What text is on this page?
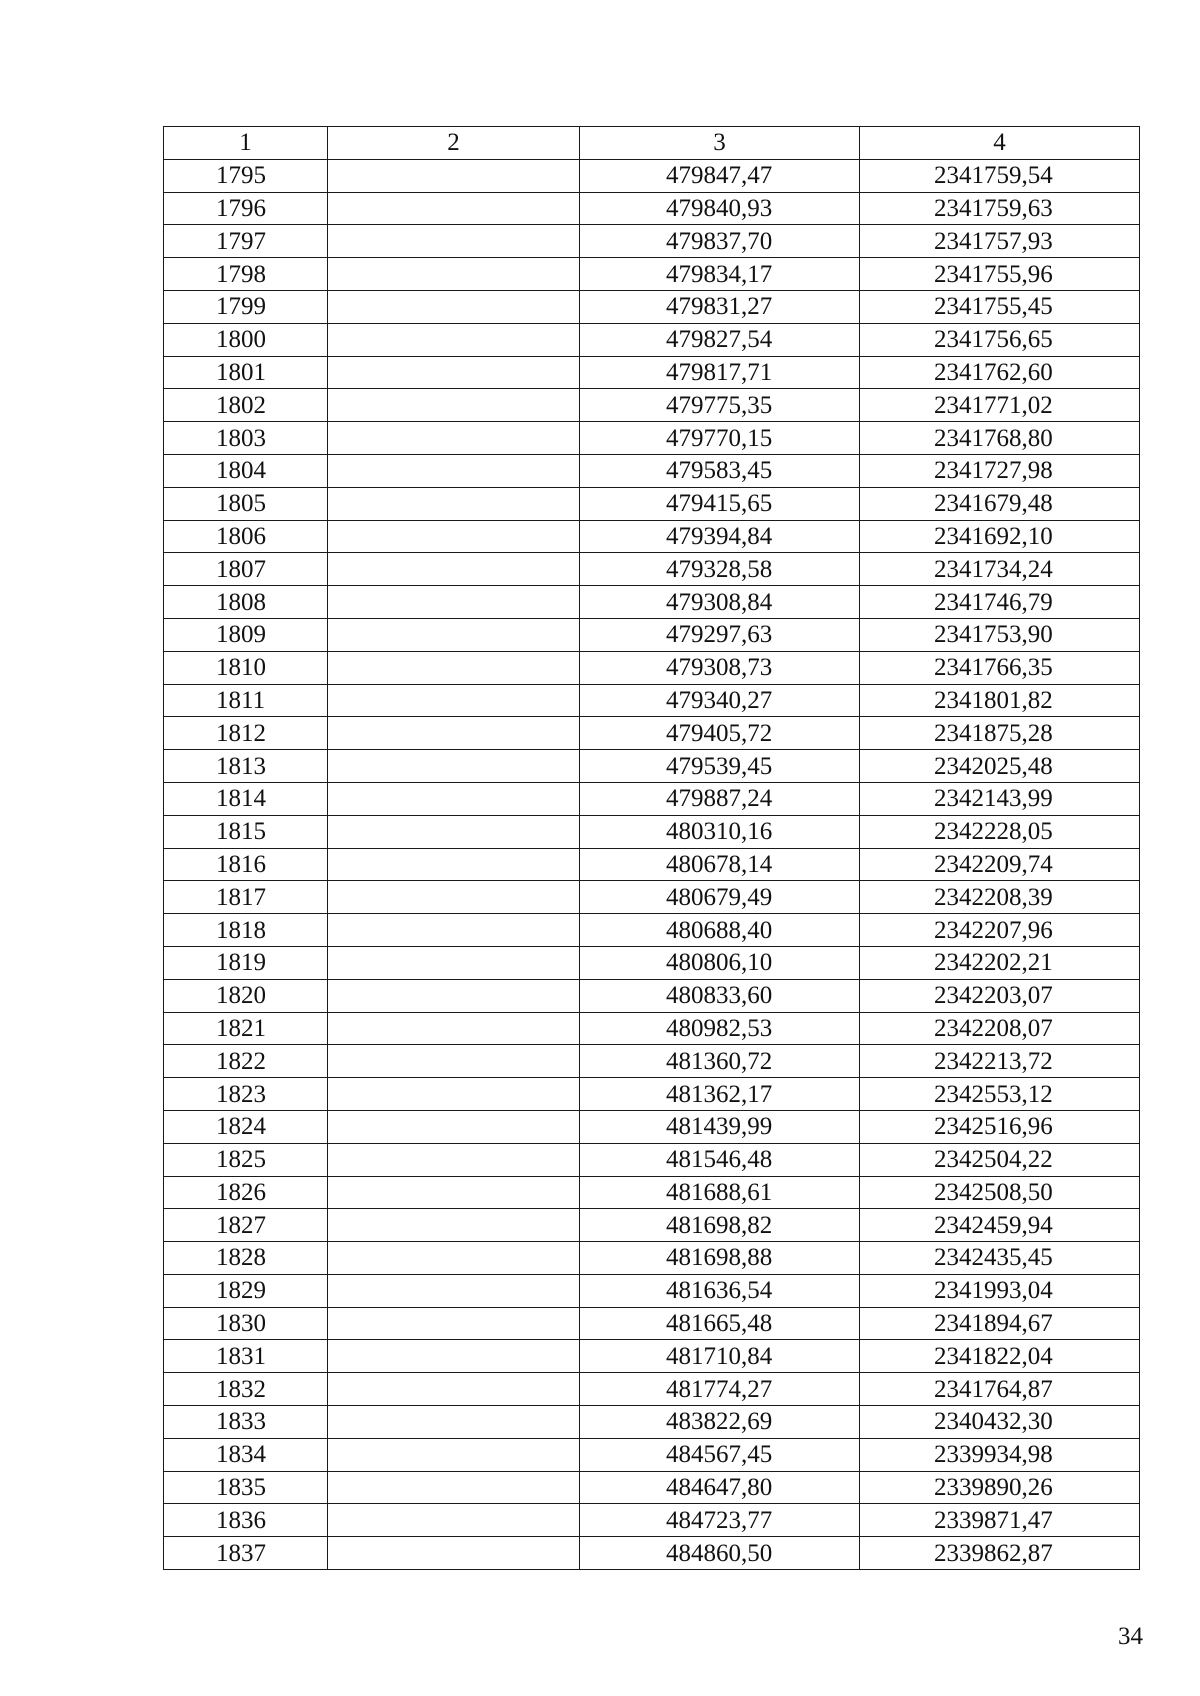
1	2	3	4
1795		479847,47	2341759,54
1796		479840,93	2341759,63
1797		479837,70	2341757,93
1798		479834,17	2341755,96
1799		479831,27	2341755,45
1800		479827,54	2341756,65
1801		479817,71	2341762,60
1802		479775,35	2341771,02
1803		479770,15	2341768,80
1804		479583,45	2341727,98
1805		479415,65	2341679,48
1806		479394,84	2341692,10
1807		479328,58	2341734,24
1808		479308,84	2341746,79
1809		479297,63	2341753,90
1810		479308,73	2341766,35
1811		479340,27	2341801,82
1812		479405,72	2341875,28
1813		479539,45	2342025,48
1814		479887,24	2342143,99
1815		480310,16	2342228,05
1816		480678,14	2342209,74
1817		480679,49	2342208,39
1818		480688,40	2342207,96
1819		480806,10	2342202,21
1820		480833,60	2342203,07
1821		480982,53	2342208,07
1822		481360,72	2342213,72
1823		481362,17	2342553,12
1824		481439,99	2342516,96
1825		481546,48	2342504,22
1826		481688,61	2342508,50
1827		481698,82	2342459,94
1828		481698,88	2342435,45
1829		481636,54	2341993,04
1830		481665,48	2341894,67
1831		481710,84	2341822,04
1832		481774,27	2341764,87
1833		483822,69	2340432,30
1834		484567,45	2339934,98
1835		484647,80	2339890,26
1836		484723,77	2339871,47
1837		484860,50	2339862,87
34
